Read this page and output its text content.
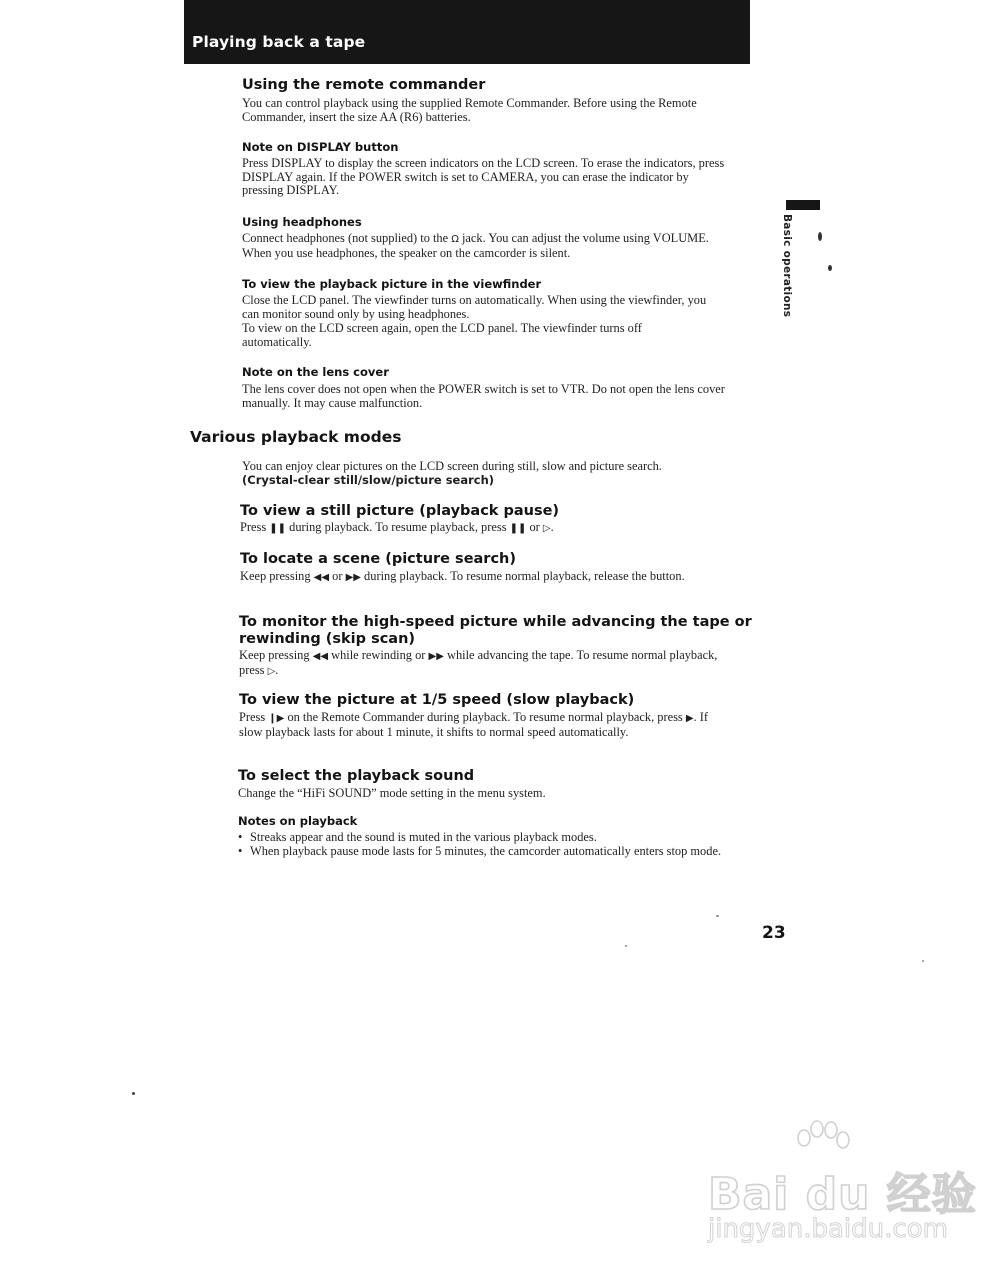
Playing back a tape
Basic operations
Using the remote commander

You can control playback using the supplied Remote Commander. Before using the Remote Commander, insert the size AA (R6) batteries.

Note on DISPLAY button

Press DISPLAY to display the screen indicators on the LCD screen. To erase the indicators, press DISPLAY again. If the POWER switch is set to CAMERA, you can erase the indicator by pressing DISPLAY.

Using headphones

Connect headphones (not supplied) to the Ω jack. You can adjust the volume using VOLUME. When you use headphones, the speaker on the camcorder is silent.

To view the playback picture in the viewfinder

Close the LCD panel. The viewfinder turns on automatically. When using the viewfinder, you can monitor sound only by using headphones.

To view on the LCD screen again, open the LCD panel. The viewfinder turns off automatically.

Note on the lens cover

The lens cover does not open when the POWER switch is set to VTR. Do not open the lens cover manually. It may cause malfunction.

Various playback modes

You can enjoy clear pictures on the LCD screen during still, slow and picture search.
(Crystal-clear still/slow/picture search)

To view a still picture (playback pause)

Press ❚❚ during playback. To resume playback, press ❚❚ or ▷.

To locate a scene (picture search)

Keep pressing ◀◀ or ▶▶ during playback. To resume normal playback, release the button.

To monitor the high-speed picture while advancing the tape or rewinding (skip scan)

Keep pressing ◀◀ while rewinding or ▶▶ while advancing the tape. To resume normal playback, press ▷.

To view the picture at 1/5 speed (slow playback)

Press ❙▶ on the Remote Commander during playback. To resume normal playback, press ▶. If slow playback lasts for about 1 minute, it shifts to normal speed automatically.

To select the playback sound

Change the “HiFi SOUND” mode setting in the menu system.

Notes on playback
• Streaks appear and the sound is muted in the various playback modes.
• When playback pause mode lasts for 5 minutes, the camcorder automatically enters stop mode.

23

Bai du 经验
jingyan.baidu.com
